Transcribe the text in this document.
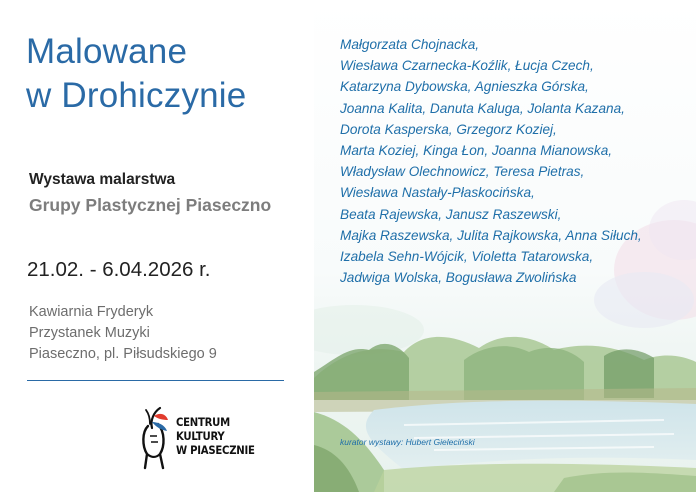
Malowane
w Drohiczynie
Wystawa malarstwa
Grupy Plastycznej Piaseczno
21.02. - 6.04.2026 r.
Kawiarnia Fryderyk
Przystanek Muzyki
Piaseczno, pl. Piłsudskiego 9
CENTRUM KULTURY
W PIASECZNIE
Małgorzata Chojnacka,
Wiesława Czarnecka-Koźlik, Łucja Czech,
Katarzyna Dybowska, Agnieszka Górska,
Joanna Kalita, Danuta Kaluga, Jolanta Kazana,
Dorota Kasperska, Grzegorz Koziej,
Marta Koziej, Kinga Łon, Joanna Mianowska,
Władysław Olechnowicz, Teresa Pietras,
Wiesława Nastały-Płaskocińska,
Beata Rajewska, Janusz Raszewski,
Majka Raszewska, Julita Rajkowska, Anna Siłuch,
Izabela Sehn-Wójcik, Violetta Tatarowska,
Jadwiga Wolska, Bogusława Zwolińska
kurator wystawy: Hubert Gieleciński
